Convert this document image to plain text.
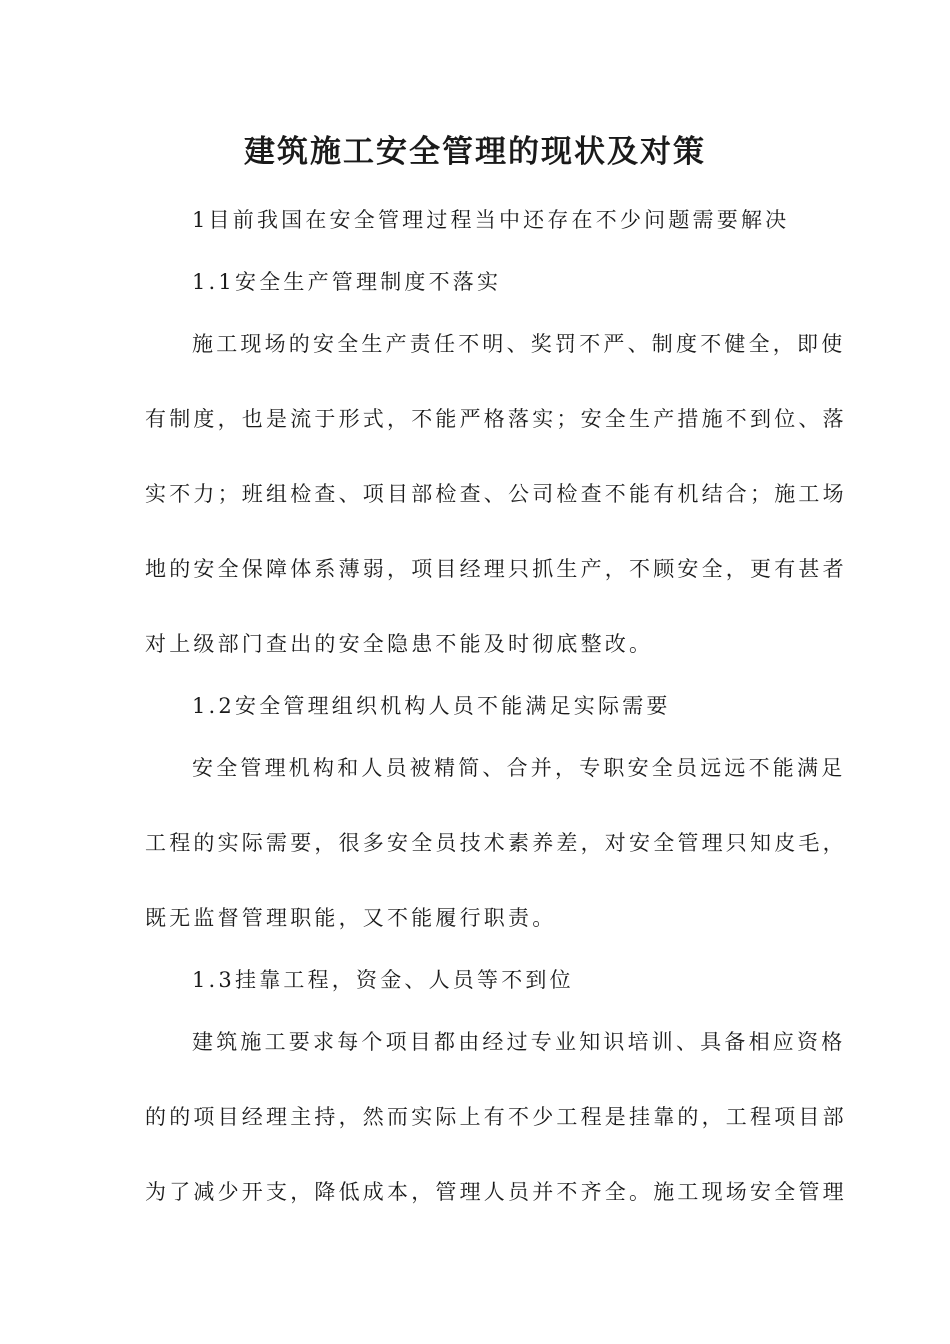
建筑施工安全管理的现状及对策
1目前我国在安全管理过程当中还存在不少问题需要解决
1.1安全生产管理制度不落实
施工现场的安全生产责任不明、奖罚不严、制度不健全，即使
有制度，也是流于形式，不能严格落实；安全生产措施不到位、落
实不力；班组检查、项目部检查、公司检查不能有机结合；施工场
地的安全保障体系薄弱，项目经理只抓生产，不顾安全，更有甚者
对上级部门查出的安全隐患不能及时彻底整改。
1.2安全管理组织机构人员不能满足实际需要
安全管理机构和人员被精简、合并，专职安全员远远不能满足
工程的实际需要，很多安全员技术素养差，对安全管理只知皮毛，
既无监督管理职能，又不能履行职责。
1.3挂靠工程，资金、人员等不到位
建筑施工要求每个项目都由经过专业知识培训、具备相应资格
的的项目经理主持，然而实际上有不少工程是挂靠的，工程项目部
为了减少开支，降低成本，管理人员并不齐全。施工现场安全管理
